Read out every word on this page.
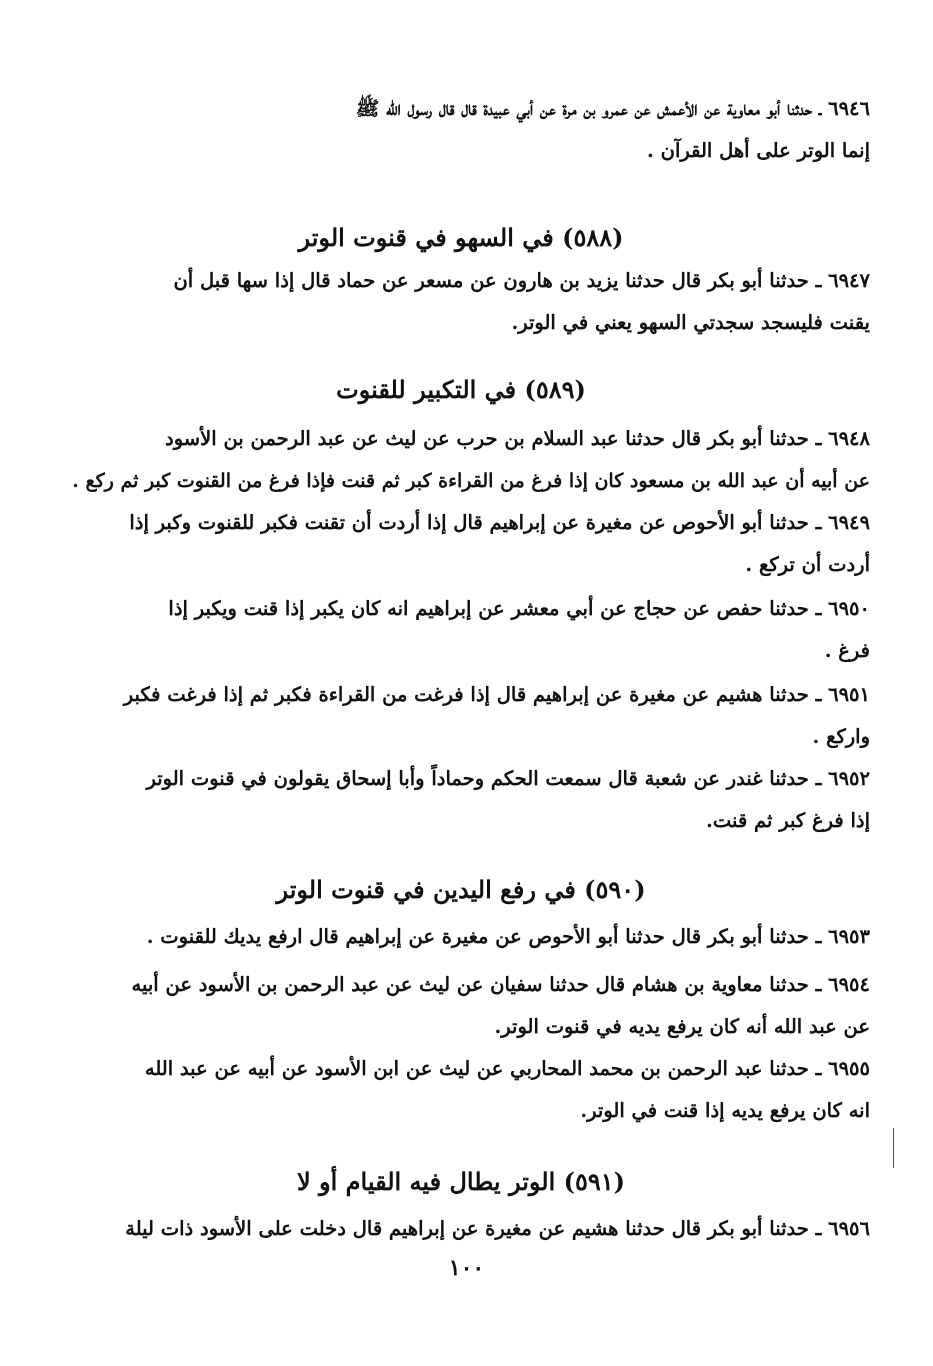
٦٩٤٦ ـ حدثنا أبو معاوية عن الأعمش عن عمرو بن مرة عن أبي عبيدة قال قال رسول الله ﷺ
إنما الوتر على أهل القرآن .
(٥٨٨) في السهو في قنوت الوتر
٦٩٤٧ ـ حدثنا أبو بكر قال حدثنا يزيد بن هارون عن مسعر عن حماد قال إذا سها قبل أن
يقنت فليسجد سجدتي السهو يعني في الوتر.
(٥٨٩) في التكبير للقنوت
٦٩٤٨ ـ حدثنا أبو بكر قال حدثنا عبد السلام بن حرب عن ليث عن عبد الرحمن بن الأسود
عن أبيه أن عبد الله بن مسعود كان إذا فرغ من القراءة كبر ثم قنت فإذا فرغ من القنوت كبر ثم ركع .
٦٩٤٩ ـ حدثنا أبو الأحوص عن مغيرة عن إبراهيم قال إذا أردت أن تقنت فكبر للقنوت وكبر إذا
أردت أن تركع .
٦٩٥٠ ـ حدثنا حفص عن حجاج عن أبي معشر عن إبراهيم انه كان يكبر إذا قنت ويكبر إذا
فرغ .
٦٩٥١ ـ حدثنا هشيم عن مغيرة عن إبراهيم قال إذا فرغت من القراءة فكبر ثم إذا فرغت فكبر
واركع .
٦٩٥٢ ـ حدثنا غندر عن شعبة قال سمعت الحكم وحماداً وأبا إسحاق يقولون في قنوت الوتر
إذا فرغ كبر ثم قنت.
(٥٩٠) في رفع اليدين في قنوت الوتر
٦٩٥٣ ـ حدثنا أبو بكر قال حدثنا أبو الأحوص عن مغيرة عن إبراهيم قال ارفع يديك للقنوت .
٦٩٥٤ ـ حدثنا معاوية بن هشام قال حدثنا سفيان عن ليث عن عبد الرحمن بن الأسود عن أبيه
عن عبد الله أنه كان يرفع يديه في قنوت الوتر.
٦٩٥٥ ـ حدثنا عبد الرحمن بن محمد المحاربي عن ليث عن ابن الأسود عن أبيه عن عبد الله
انه كان يرفع يديه إذا قنت في الوتر.
(٥٩١) الوتر يطال فيه القيام أو لا
٦٩٥٦ ـ حدثنا أبو بكر قال حدثنا هشيم عن مغيرة عن إبراهيم قال دخلت على الأسود ذات ليلة
١٠٠
